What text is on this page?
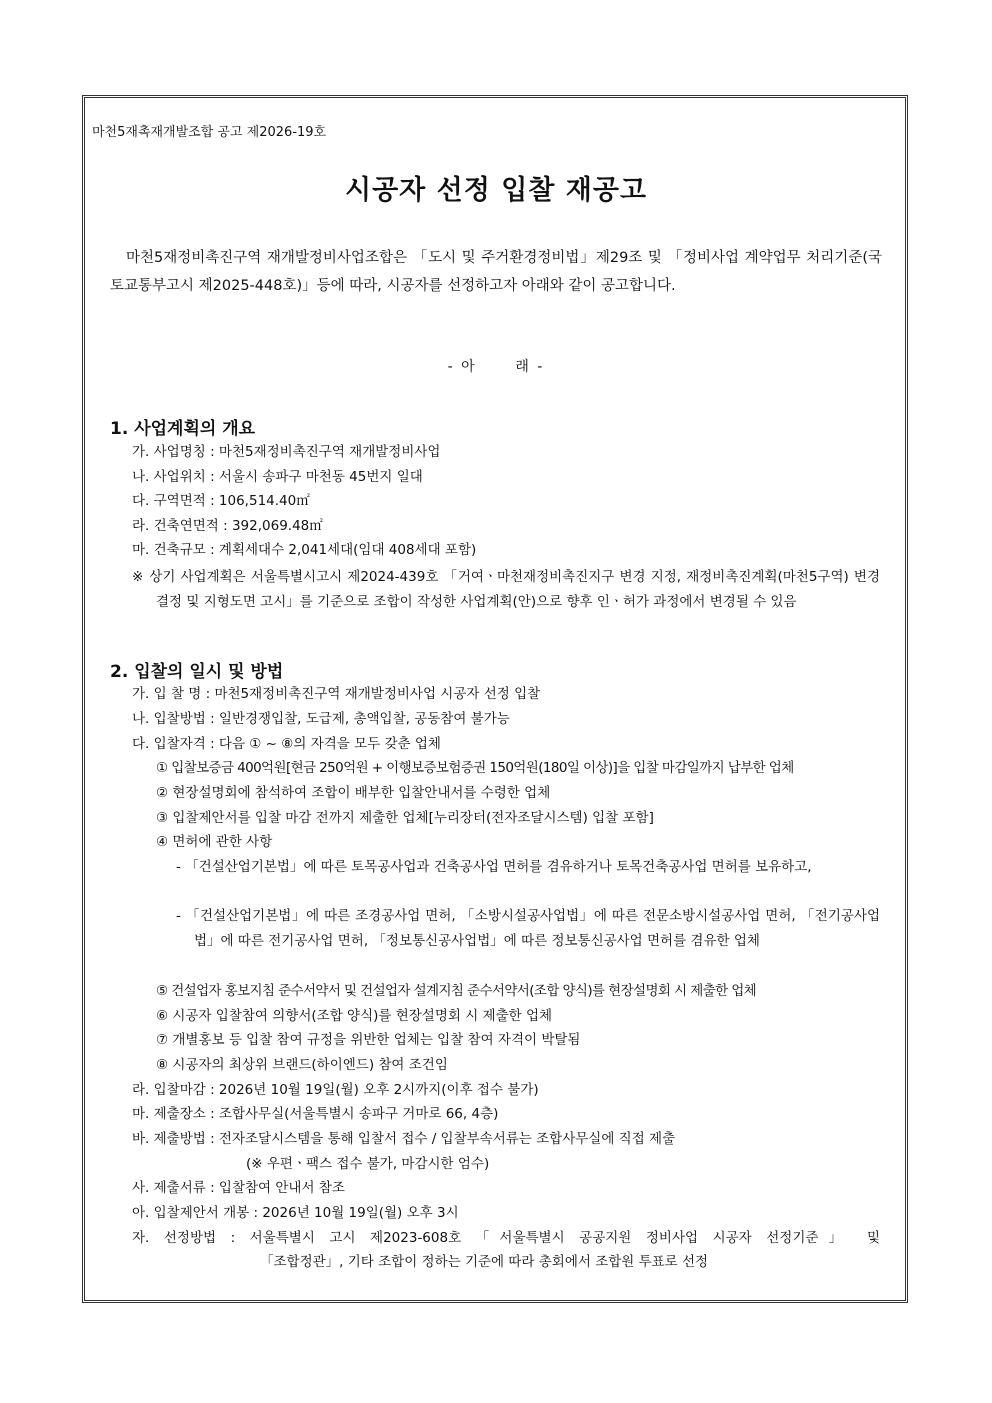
마천5재촉재개발조합 공고 제2026-19호
시공자 선정 입찰 재공고
마천5재정비촉진구역 재개발정비사업조합은 「도시 및 주거환경정비법」제29조 및 「정비사업 계약업무 처리기준(국토교통부고시 제2025-448호)」등에 따라, 시공자를 선정하고자 아래와 같이 공고합니다.
- 아      래 -
1. 사업계획의 개요
가. 사업명칭 : 마천5재정비촉진구역 재개발정비사업
나. 사업위치 : 서울시 송파구 마천동 45번지 일대
다. 구역면적 : 106,514.40㎡
라. 건축연면적 : 392,069.48㎡
마. 건축규모 : 계획세대수 2,041세대(임대 408세대 포함)
※ 상기 사업계획은 서울특별시고시 제2024-439호 「거여ㆍ마천재정비촉진지구 변경 지정, 재정비촉진계획(마천5구역) 변경 결정 및 지형도면 고시」를 기준으로 조합이 작성한 사업계획(안)으로 향후 인ㆍ허가 과정에서 변경될 수 있음
2. 입찰의 일시 및 방법
가. 입 찰 명 : 마천5재정비촉진구역 재개발정비사업 시공자 선정 입찰
나. 입찰방법 : 일반경쟁입찰, 도급제, 총액입찰, 공동참여 불가능
다. 입찰자격 : 다음 ① ~ ⑧의 자격을 모두 갖춘 업체
① 입찰보증금 400억원[현금 250억원 + 이행보증보험증권 150억원(180일 이상)]을 입찰 마감일까지 납부한 업체
② 현장설명회에 참석하여 조합이 배부한 입찰안내서를 수령한 업체
③ 입찰제안서를 입찰 마감 전까지 제출한 업체[누리장터(전자조달시스템) 입찰 포함]
④ 면허에 관한 사항
- 「건설산업기본법」에 따른 토목공사업과 건축공사업 면허를 겸유하거나 토목건축공사업 면허를 보유하고,
- 「건설산업기본법」에 따른 조경공사업 면허, 「소방시설공사업법」에 따른 전문소방시설공사업 면허, 「전기공사업법」에 따른 전기공사업 면허, 「정보통신공사업법」에 따른 정보통신공사업 면허를 겸유한 업체
⑤ 건설업자 홍보지침 준수서약서 및 건설업자 설계지침 준수서약서(조합 양식)를 현장설명회 시 제출한 업체
⑥ 시공자 입찰참여 의향서(조합 양식)를 현장설명회 시 제출한 업체
⑦ 개별홍보 등 입찰 참여 규정을 위반한 업체는 입찰 참여 자격이 박탈됨
⑧ 시공자의 최상위 브랜드(하이엔드) 참여 조건임
라. 입찰마감 : 2026년 10월 19일(월) 오후 2시까지(이후 접수 불가)
마. 제출장소 : 조합사무실(서울특별시 송파구 거마로 66, 4층)
바. 제출방법 : 전자조달시스템을 통해 입찰서 접수 / 입찰부속서류는 조합사무실에 직접 제출
(※ 우편ㆍ팩스 접수 불가, 마감시한 엄수)
사. 제출서류 : 입찰참여 안내서 참조
아. 입찰제안서 개봉 : 2026년 10월 19일(월) 오후 3시
자. 선정방법 : 서울특별시 고시 제2023-608호 「서울특별시 공공지원 정비사업 시공자 선정기준」 및
「조합정관」, 기타 조합이 정하는 기준에 따라 총회에서 조합원 투표로 선정
